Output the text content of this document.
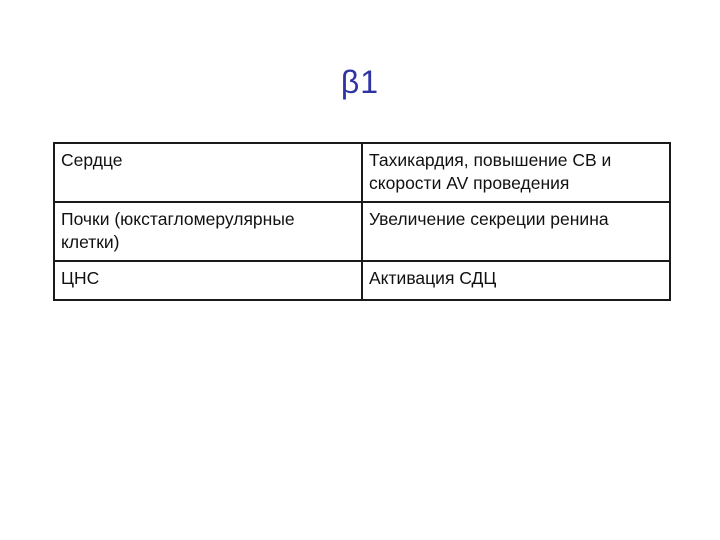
β1
Сердце	Тахикардия, повышение СВ и скорости AV проведения
Почки (юкстагломерулярные клетки)	Увеличение секреции ренина
ЦНС	Активация СДЦ
